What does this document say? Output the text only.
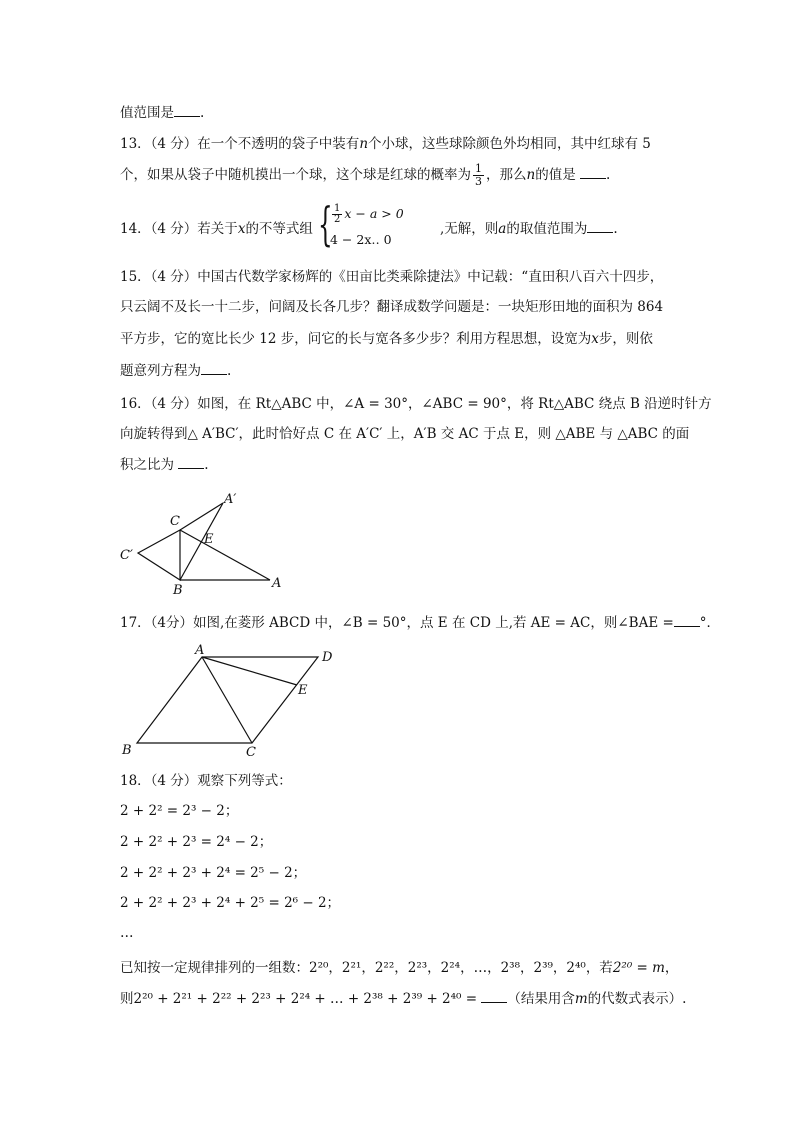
值范围是 .
13．（4 分）在一个不透明的袋子中装有n个小球，这些球除颜色外均相同，其中红球有 5
个，如果从袋子中随机摸出一个球，这个球是红球的概率为 $\frac{1}{3}$ ，那么n的值是 .
14．（4 分）若关于x的不等式组 { $\frac{1}{2}$ x − a > 0
4 − 2x‥ 0
,无解，则a的取值范围为 .
15．（4 分）中国古代数学家杨辉的《田亩比类乘除捷法》中记载：“直田积八百六十四步，
只云阔不及长一十二步，问阔及长各几步？翻译成数学问题是：一块矩形田地的面积为 864
平方步，它的宽比长少 12 步，问它的长与宽各多少步？利用方程思想，设宽为x步，则依
题意列方程为 .
16．（4 分）如图，在 Rt△ABC 中，∠A = 30°，∠ABC = 90°，将 Rt△ABC 绕点 B 沿逆时针方
向旋转得到△ A′BC′，此时恰好点 C 在 A′C′ 上，A′B 交 AC 于点 E，则 △ABE 与 △ABC 的面
积之比为 .
A′
C
E
C′
B	A
17．（4分）如图,在菱形 ABCD 中，∠B = 50°，点 E 在 CD 上,若 AE = AC，则∠BAE = °．
A	D
E
B	C
18．（4 分）观察下列等式：
2 + 2² = 2³ − 2；
2 + 2² + 2³ = 2⁴ − 2；
2 + 2² + 2³ + 2⁴ = 2⁵ − 2；
2 + 2² + 2³ + 2⁴ + 2⁵ = 2⁶ − 2；
…
已知按一定规律排列的一组数：2²⁰，2²¹，2²²，2²³，2²⁴，…，2³⁸，2³⁹，2⁴⁰，若2²⁰ = m，
则2²⁰ + 2²¹ + 2²² + 2²³ + 2²⁴ + … + 2³⁸ + 2³⁹ + 2⁴⁰ = （结果用含m的代数式表示）.
